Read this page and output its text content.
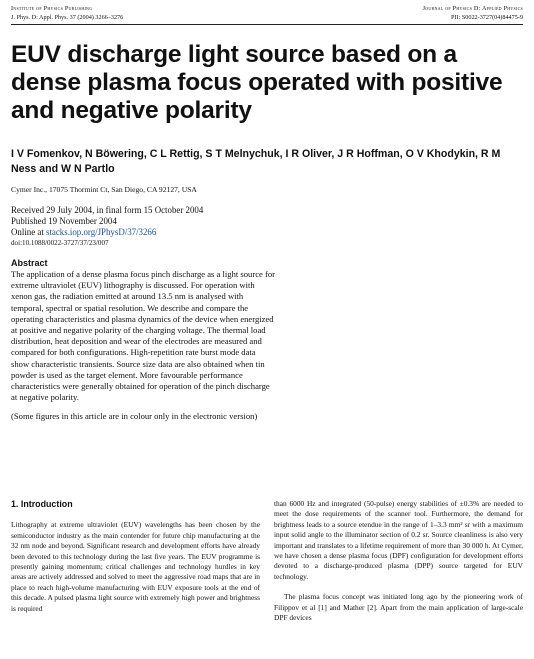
Institute of Physics Publishing	Journal of Physics D: Applied Physics
J. Phys. D: Appl. Phys. 37 (2004) 3266–3276	PII: S0022-3727(04)84475-9
EUV discharge light source based on a dense plasma focus operated with positive and negative polarity
I V Fomenkov, N Böwering, C L Rettig, S T Melnychuk, I R Oliver, J R Hoffman, O V Khodykin, R M Ness and W N Partlo
Cymer Inc., 17075 Thormint Ct, San Diego, CA 92127, USA
Received 29 July 2004, in final form 15 October 2004
Published 19 November 2004
Online at stacks.iop.org/JPhysD/37/3266
doi:10.1088/0022-3727/37/23/007
Abstract
The application of a dense plasma focus pinch discharge as a light source for
extreme ultraviolet (EUV) lithography is discussed. For operation with
xenon gas, the radiation emitted at around 13.5 nm is analysed with
temporal, spectral or spatial resolution. We describe and compare the
operating characteristics and plasma dynamics of the device when energized
at positive and negative polarity of the charging voltage. The thermal load
distribution, heat deposition and wear of the electrodes are measured and
compared for both configurations. High-repetition rate burst mode data
show characteristic transients. Source size data are also obtained when tin
powder is used as the target element. More favourable performance
characteristics were generally obtained for operation of the pinch discharge
at negative polarity.
(Some figures in this article are in colour only in the electronic version)
1. Introduction

Lithography at extreme ultraviolet (EUV) wavelengths has been chosen by the semiconductor industry as the main contender for future chip manufacturing at the 32 nm node and beyond. Significant research and development efforts have already been devoted to this technology during the last five years. The EUV programme is presently gaining momentum; critical challenges and technology hurdles in key areas are actively addressed and solved to meet the aggressive road maps that are in place to reach high-volume manufacturing with EUV exposure tools at the end of this decade. A pulsed plasma light source with extremely high power and brightness is required

than 6000 Hz and integrated (50-pulse) energy stabilities of ±0.3% are needed to meet the dose requirements of the scanner tool. Furthermore, the demand for brightness leads to a source etendue in the range of 1–3.3 mm² sr with a maximum input solid angle to the illuminator section of 0.2 sr. Source cleanliness is also very important and translates to a lifetime requirement of more than 30 000 h. At Cymer, we have chosen a dense plasma focus (DPF) configuration for development efforts devoted to a discharge-produced plasma (DPP) source targeted for EUV technology.

The plasma focus concept was initiated long ago by the pioneering work of Filippov et al [1] and Mather [2]. Apart from the main application of large-scale DPF devices
